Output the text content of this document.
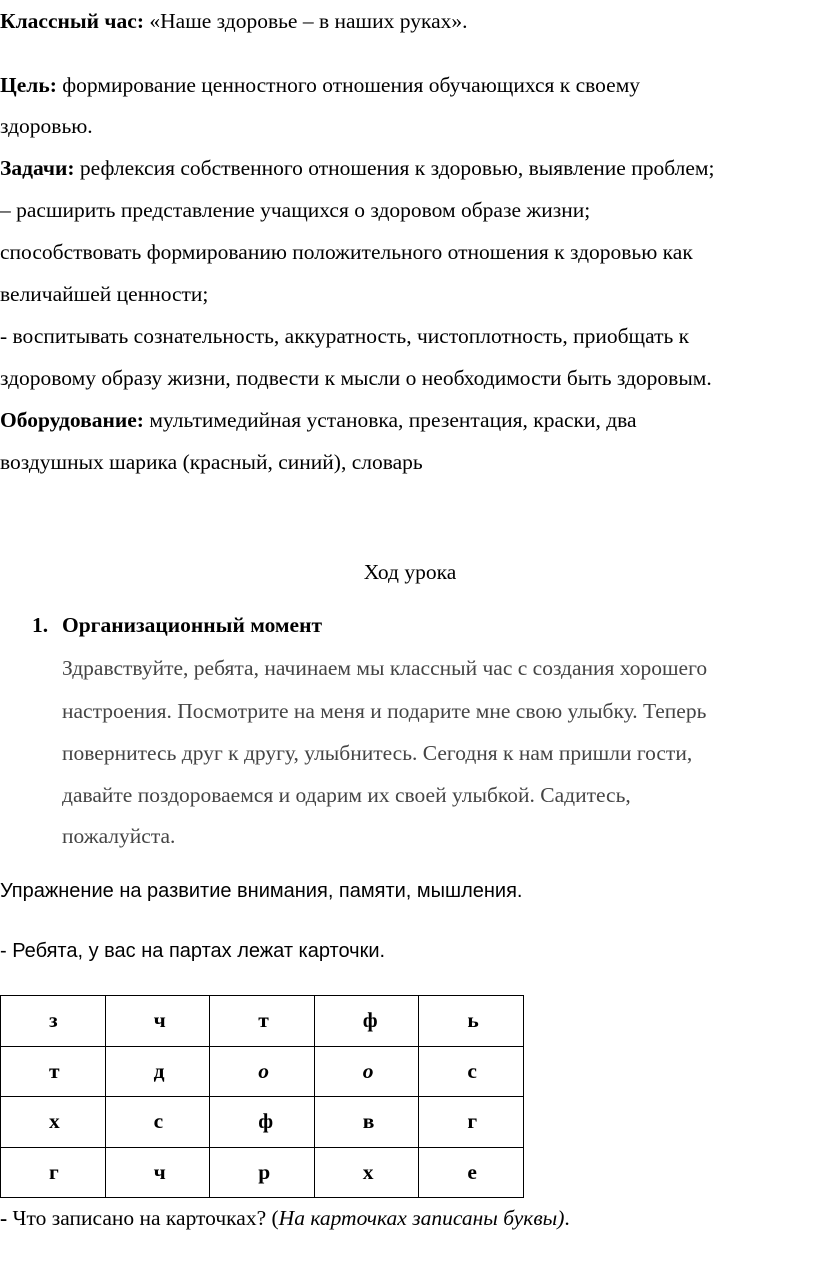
Классный час: «Наше здоровье – в наших руках».
Цель: формирование ценностного отношения обучающихся к своему
здоровью.
Задачи: рефлексия собственного отношения к здоровью, выявление проблем;
– расширить представление учащихся о здоровом образе жизни;
способствовать формированию положительного отношения к здоровью как
величайшей ценности;
- воспитывать сознательность, аккуратность, чистоплотность, приобщать к
здоровому образу жизни, подвести к мысли о необходимости быть здоровым.
Оборудование: мультимедийная установка, презентация, краски, два
воздушных шарика (красный, синий), словарь
Ход урока
1. Организационный момент
Здравствуйте, ребята, начинаем мы классный час с создания хорошего
настроения. Посмотрите на меня и подарите мне свою улыбку. Теперь
повернитесь друг к другу, улыбнитесь. Сегодня к нам пришли гости,
давайте поздороваемся и одарим их своей улыбкой. Садитесь,
пожалуйста.
Упражнение на развитие внимания, памяти, мышления.
- Ребята, у вас на партах лежат карточки.
з	ч	т	ф	ь
т	д	о	о	с
х	с	ф	в	г
г	ч	р	х	е
- Что записано на карточках? (На карточках записаны буквы).
